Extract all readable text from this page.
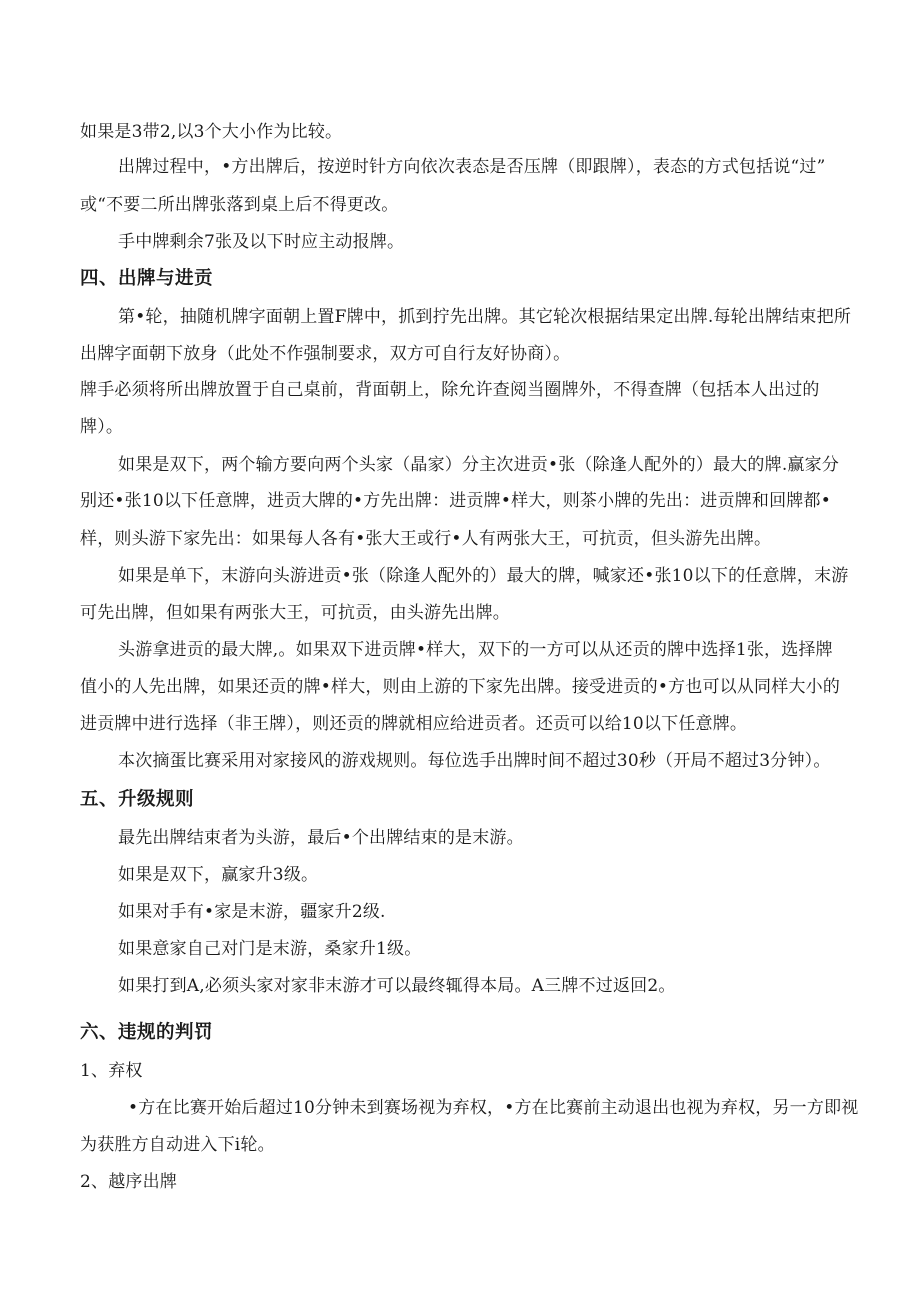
如果是3带2,以3个大小作为比较。
出牌过程中，•方出牌后，按逆时针方向依次表态是否压牌（即跟牌），表态的方式包括说“过”
或“不要二所出牌张落到桌上后不得更改。
手中牌剩余7张及以下时应主动报牌。
四、出牌与进贡
第•轮，抽随机牌字面朝上置F牌中，抓到拧先出牌。其它轮次根据结果定出牌.每轮出牌结束把所
出牌字面朝下放身（此处不作强制要求，双方可自行友好协商）。
牌手必须将所出牌放置于自己桌前，背面朝上，除允许查阅当圈牌外，不得查牌（包括本人出过的
牌）。
如果是双下，两个输方要向两个头家（晶家）分主次进贡•张（除逢人配外的）最大的牌.赢家分
别还•张10以下任意牌，进贡大牌的•方先出牌：进贡牌•样大，则茶小牌的先出：进贡牌和回牌都•
样，则头游下家先出：如果每人各有•张大王或行•人有两张大王，可抗贡，但头游先出牌。
如果是单下，末游向头游进贡•张（除逢人配外的）最大的牌，喊家还•张10以下的任意牌，末游
可先出牌，但如果有两张大王，可抗贡，由头游先出牌。
头游拿进贡的最大牌,。如果双下进贡牌•样大，双下的一方可以从还贡的牌中选择1张，选择牌
值小的人先出牌，如果还贡的牌•样大，则由上游的下家先出牌。接受进贡的•方也可以从同样大小的
进贡牌中进行选择（非王牌），则还贡的牌就相应给进贡者。还贡可以给10以下任意牌。
本次摘蛋比赛采用对家接风的游戏规则。每位选手出牌时间不超过30秒（开局不超过3分钟）。
五、升级规则
最先出牌结束者为头游，最后•个出牌结束的是末游。
如果是双下，赢家升3级。
如果对手有•家是末游，疆家升2级.
如果意家自己对门是末游，桑家升1级。
如果打到A,必须头家对家非末游才可以最终辄得本局。A三牌不过返回2。
六、违规的判罚
1、弃权
•方在比赛开始后超过10分钟未到赛场视为弃权，•方在比赛前主动退出也视为弃权，另一方即视
为获胜方自动进入下i轮。
2、越序出牌
